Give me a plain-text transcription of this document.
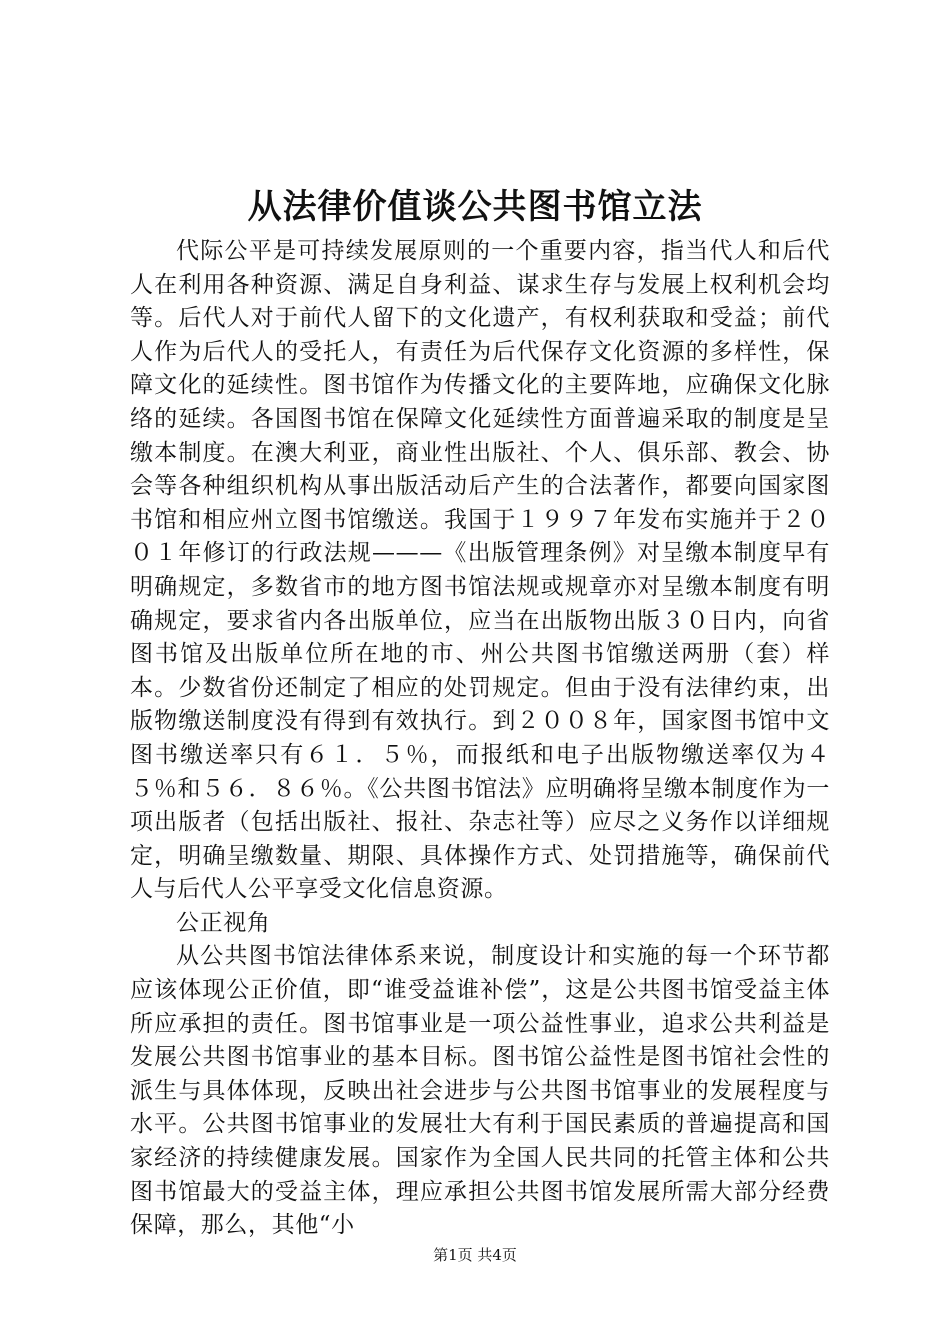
从法律价值谈公共图书馆立法

代际公平是可持续发展原则的一个重要内容，指当代人和后代人在利用各种资源、满足自身利益、谋求生存与发展上权利机会均等。后代人对于前代人留下的文化遗产，有权利获取和受益；前代人作为后代人的受托人，有责任为后代保存文化资源的多样性，保障文化的延续性。图书馆作为传播文化的主要阵地，应确保文化脉络的延续。各国图书馆在保障文化延续性方面普遍采取的制度是呈缴本制度。在澳大利亚，商业性出版社、个人、俱乐部、教会、协会等各种组织机构从事出版活动后产生的合法著作，都要向国家图书馆和相应州立图书馆缴送。我国于１９９７年发布实施并于２００１年修订的行政法规———《出版管理条例》对呈缴本制度早有明确规定，多数省市的地方图书馆法规或规章亦对呈缴本制度有明确规定，要求省内各出版单位，应当在出版物出版３０日内，向省图书馆及出版单位所在地的市、州公共图书馆缴送两册（套）样本。少数省份还制定了相应的处罚规定。但由于没有法律约束，出版物缴送制度没有得到有效执行。到２００８年，国家图书馆中文图书缴送率只有６１．５％，而报纸和电子出版物缴送率仅为４５％和５６．８６％。《公共图书馆法》应明确将呈缴本制度作为一项出版者（包括出版社、报社、杂志社等）应尽之义务作以详细规定，明确呈缴数量、期限、具体操作方式、处罚措施等，确保前代人与后代人公平享受文化信息资源。

公正视角

从公共图书馆法律体系来说，制度设计和实施的每一个环节都应该体现公正价值，即“谁受益谁补偿”，这是公共图书馆受益主体所应承担的责任。图书馆事业是一项公益性事业，追求公共利益是发展公共图书馆事业的基本目标。图书馆公益性是图书馆社会性的派生与具体体现，反映出社会进步与公共图书馆事业的发展程度与水平。公共图书馆事业的发展壮大有利于国民素质的普遍提高和国家经济的持续健康发展。国家作为全国人民共同的托管主体和公共图书馆最大的受益主体，理应承担公共图书馆发展所需大部分经费保障，那么，其他“小

第1页 共4页
